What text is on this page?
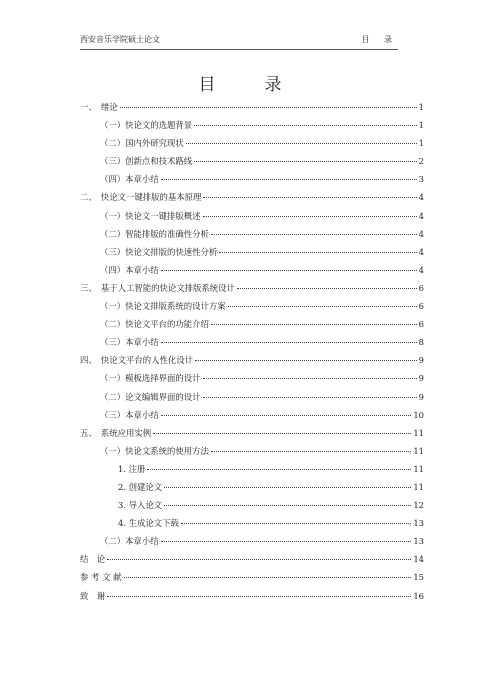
西安音乐学院硕士论文	目 录
目　录
一、　绪论	1
（一）快论文的选题背景	1
（二）国内外研究现状	1
（三）创新点和技术路线	2
（四）本章小结	3
二、　快论文一键排版的基本原理	4
（一）快论文一键排版概述	4
（二）智能排版的准确性分析	4
（三）快论文排版的快速性分析	4
（四）本章小结	4
三、　基于人工智能的快论文排版系统设计	6
（一）快论文排版系统的设计方案	6
（二）快论文平台的功能介绍	6
（三）本章小结	8
四、　快论文平台的人性化设计	9
（一）模板选择界面的设计	9
（二）论文编辑界面的设计	9
（三）本章小结	10
五、　系统应用实例	11
（一）快论文系统的使用方法	11
1. 注册	11
2. 创建论文	11
3. 导入论文	12
4. 生成论文下载	13
（二）本章小结	13
结　论	14
参 考 文 献	15
致　谢	16
